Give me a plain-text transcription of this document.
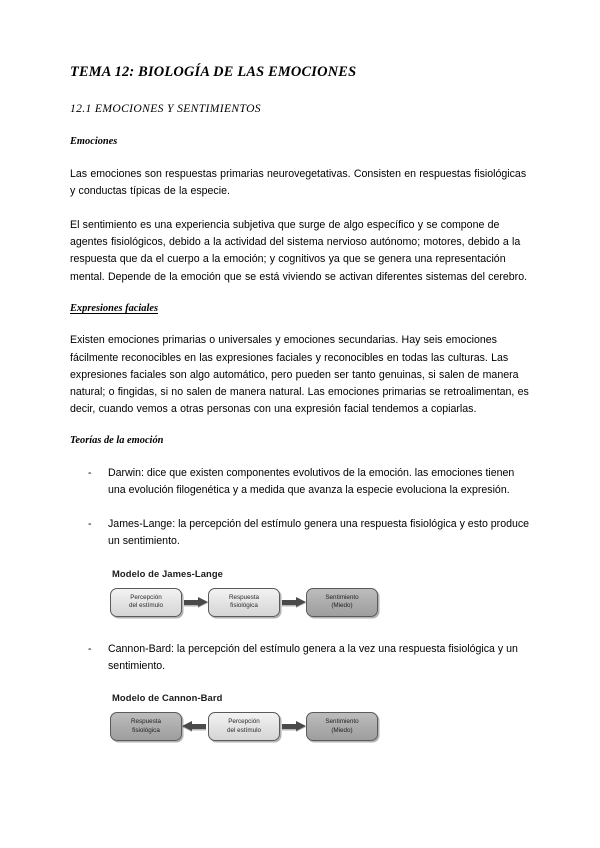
TEMA 12: BIOLOGÍA DE LAS EMOCIONES
12.1 EMOCIONES Y SENTIMIENTOS
Emociones

Las emociones son respuestas primarias neurovegetativas. Consisten en respuestas fisiológicas y conductas típicas de la especie.

El sentimiento es una experiencia subjetiva que surge de algo específico y se compone de agentes fisiológicos, debido a la actividad del sistema nervioso autónomo; motores, debido a la respuesta que da el cuerpo a la emoción; y cognitivos ya que se genera una representación mental. Depende de la emoción que se está viviendo se activan diferentes sistemas del cerebro.

Expresiones faciales

Existen emociones primarias o universales y emociones secundarias. Hay seis emociones fácilmente reconocibles en las expresiones faciales y reconocibles en todas las culturas. Las expresiones faciales son algo automático, pero pueden ser tanto genuinas, si salen de manera natural; o fingidas, si no salen de manera natural. Las emociones primarias se retroalimentan, es decir, cuando vemos a otras personas con una expresión facial tendemos a copiarlas.

Teorías de la emoción
- Darwin: dice que existen componentes evolutivos de la emoción. las emociones tienen una evolución filogenética y a medida que avanza la especie evoluciona la expresión.
- James-Lange: la percepción del estímulo genera una respuesta fisiológica y esto produce un sentimiento.
Modelo de James-Lange
Percepción
del estímulo
Respuesta
fisiológica
Sentimiento
(Miedo)
- Cannon-Bard: la percepción del estímulo genera a la vez una respuesta fisiológica y un sentimiento.
Modelo de Cannon-Bard
Respuesta
fisiológica
Percepción
del estímulo
Sentimiento
(Miedo)
